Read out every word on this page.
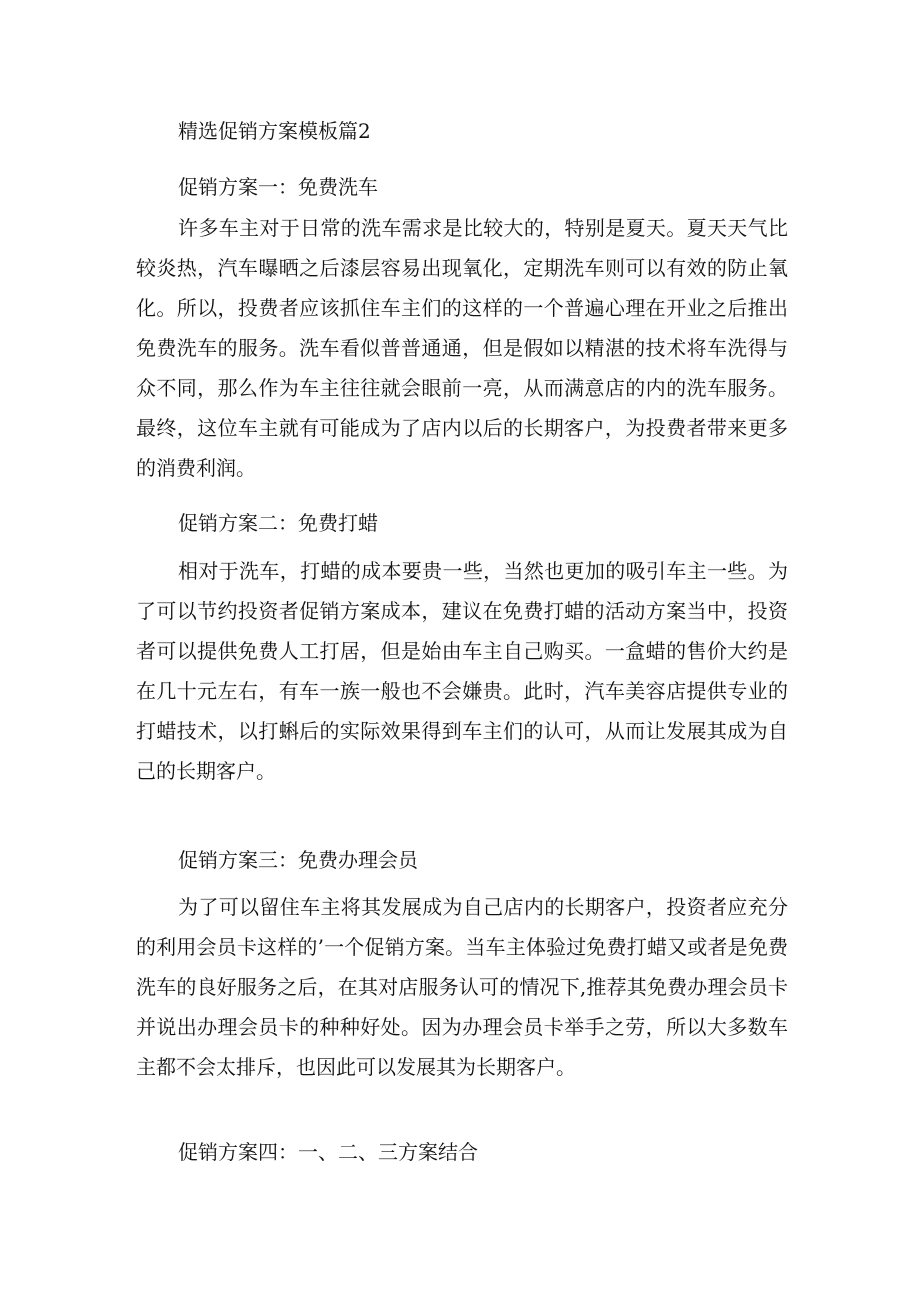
精选促销方案模板篇2
促销方案一：免费洗车

许多车主对于日常的洗车需求是比较大的，特别是夏天。夏天天气比较炎热，汽车曝晒之后漆层容易出现氧化，定期洗车则可以有效的防止氧化。所以，投费者应该抓住车主们的这样的一个普遍心理在开业之后推出免费洗车的服务。洗车看似普普通通，但是假如以精湛的技术将车洗得与众不同，那么作为车主往往就会眼前一亮，从而满意店的内的洗车服务。最终，这位车主就有可能成为了店内以后的长期客户，为投费者带来更多的消费利润。

促销方案二：免费打蜡

相对于洗车，打蜡的成本要贵一些，当然也更加的吸引车主一些。为了可以节约投资者促销方案成本，建议在免费打蜡的活动方案当中，投资者可以提供免费人工打居，但是始由车主自己购买。一盒蜡的售价大约是在几十元左右，有车一族一般也不会嫌贵。此时，汽车美容店提供专业的打蜡技术，以打蝌后的实际效果得到车主们的认可，从而让发展其成为自己的长期客户。

促销方案三：免费办理会员

为了可以留住车主将其发展成为自己店内的长期客户，投资者应充分的利用会员卡这样的’一个促销方案。当车主体验过免费打蜡又或者是免费洗车的良好服务之后，在其对店服务认可的情况下,推荐其免费办理会员卡并说出办理会员卡的种种好处。因为办理会员卡举手之劳，所以大多数车主都不会太排斥，也因此可以发展其为长期客户。

促销方案四：一、二、三方案结合
